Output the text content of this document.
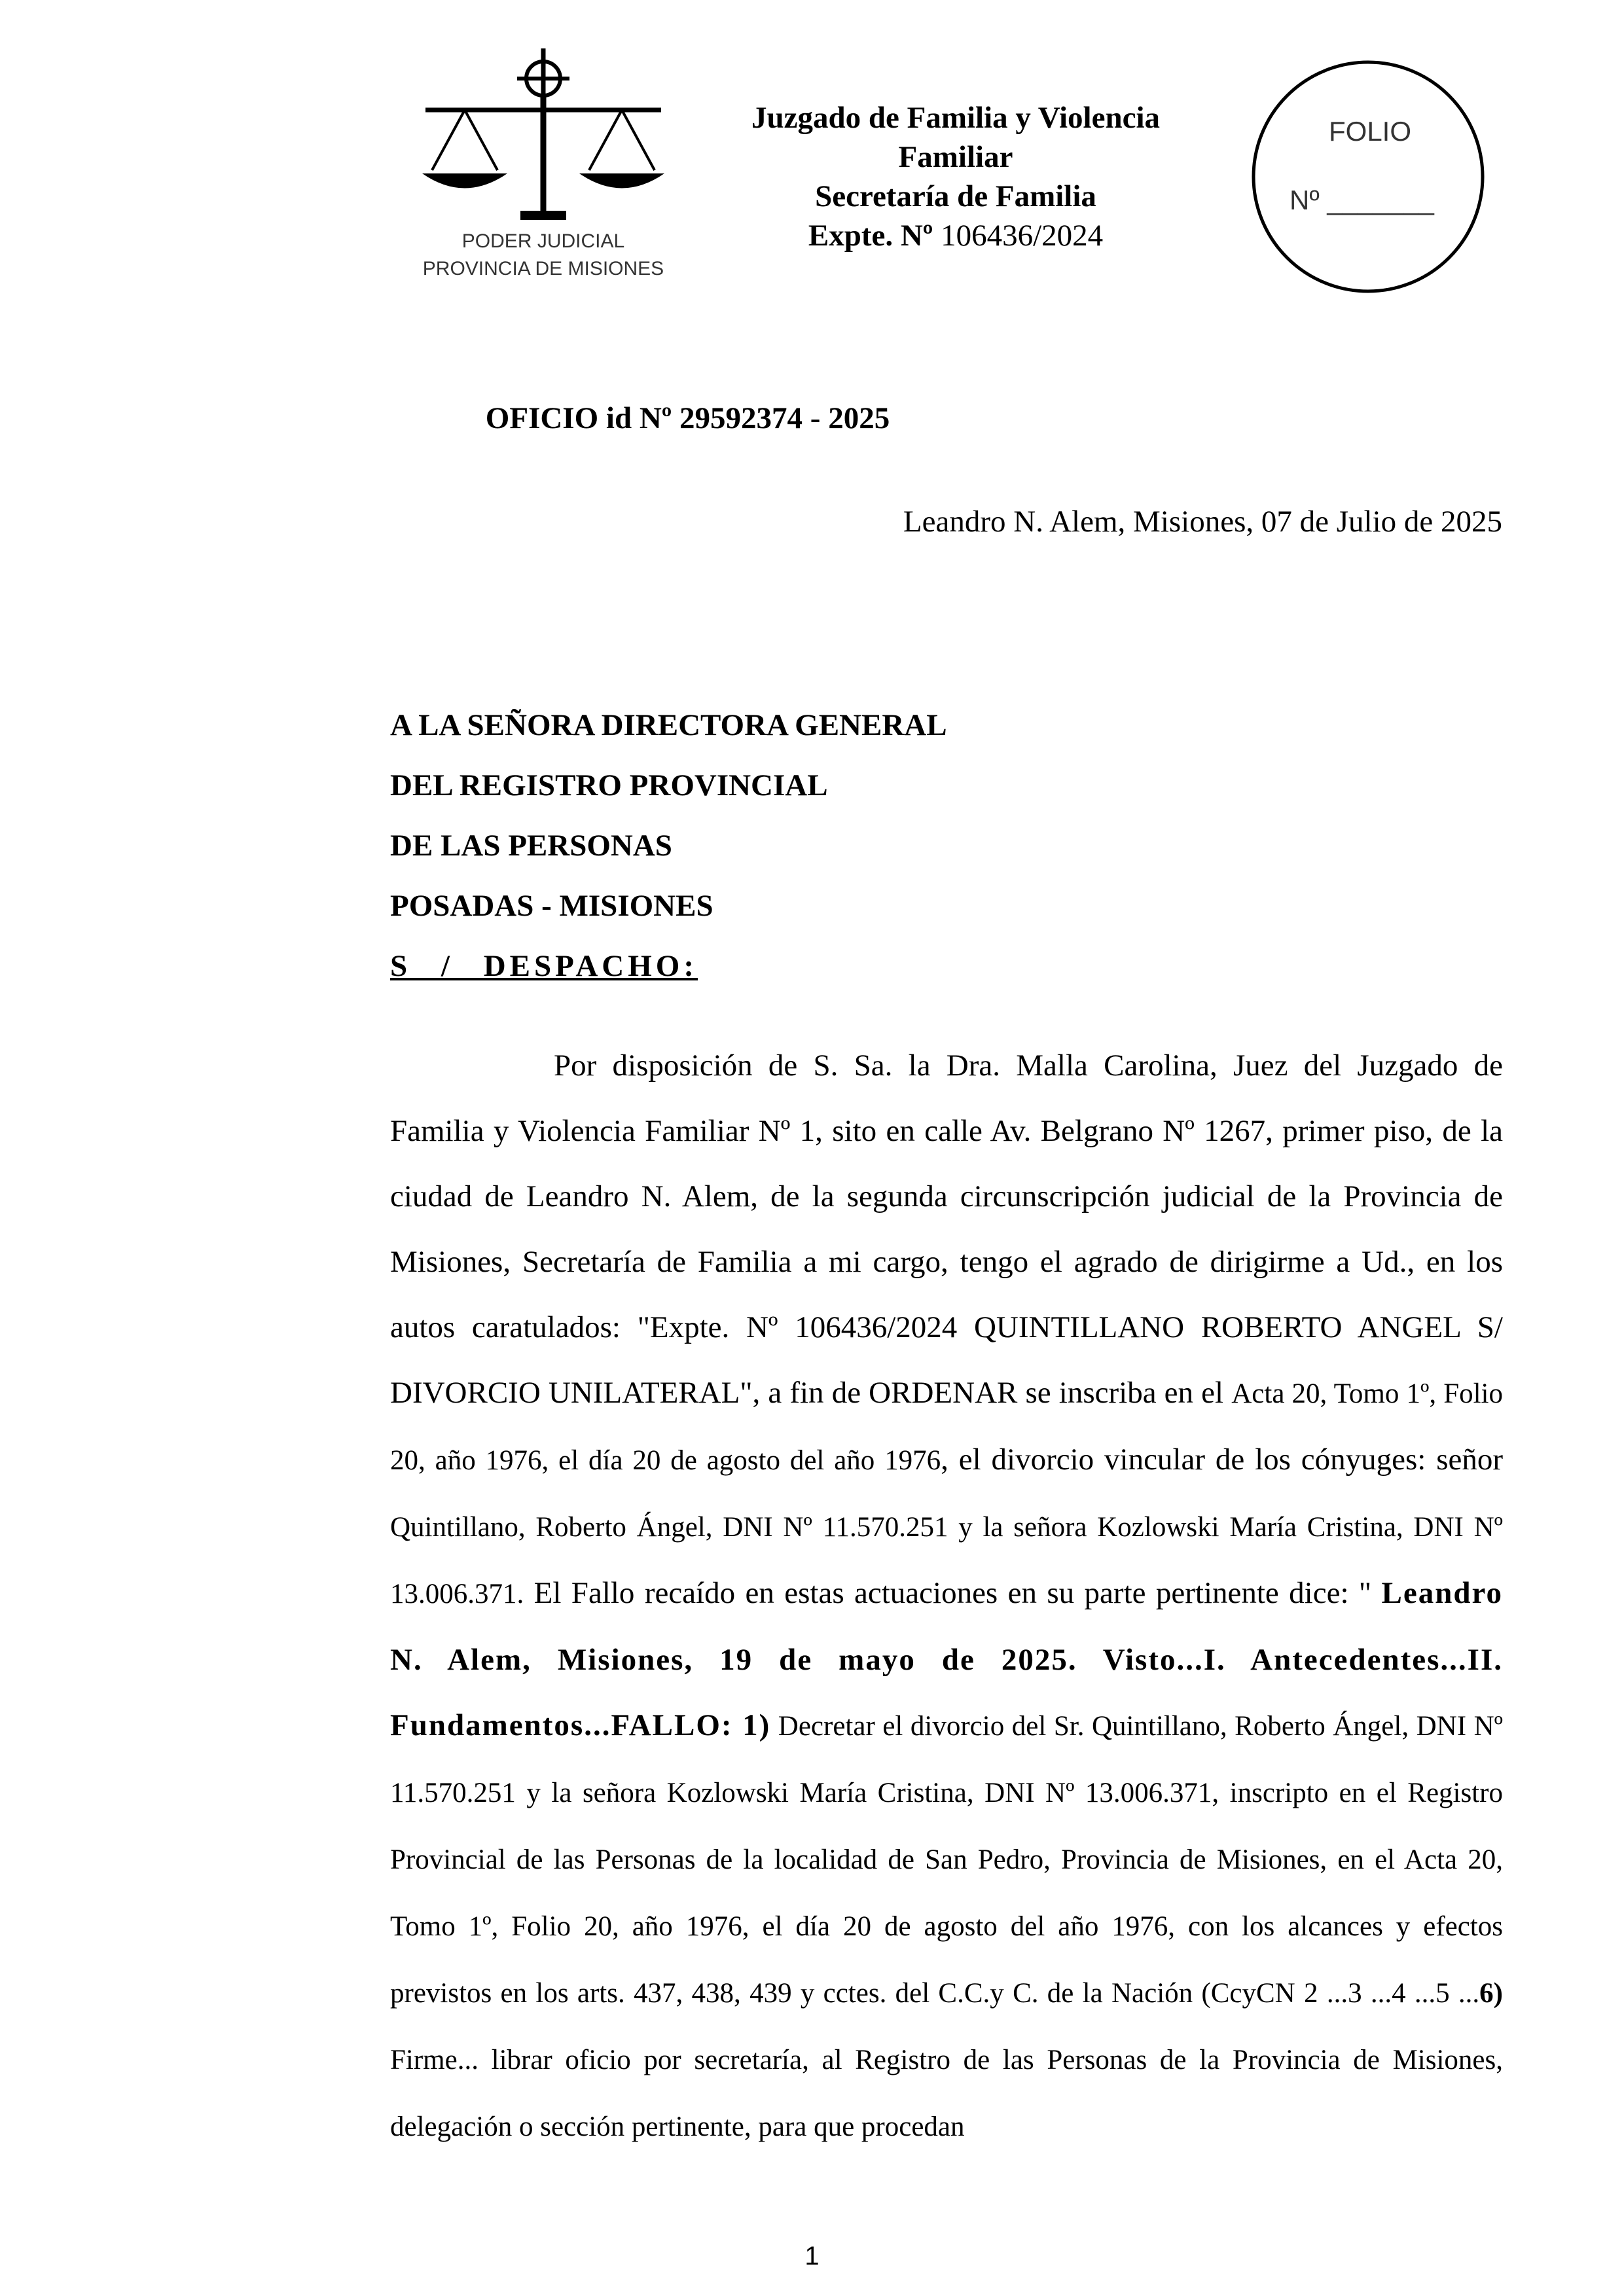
PODER JUDICIAL
PROVINCIA DE MISIONES
Juzgado de Familia y Violencia
Familiar
Secretaría de Familia
Expte. Nº 106436/2024
FOLIO
Nº _______
OFICIO id Nº 29592374 - 2025
Leandro N. Alem, Misiones, 07 de Julio de 2025
A LA SEÑORA DIRECTORA GENERAL
DEL REGISTRO PROVINCIAL
DE LAS PERSONAS
POSADAS - MISIONES
S / DESPACHO:
Por disposición de S. Sa. la Dra. Malla Carolina, Juez del Juzgado de Familia y Violencia Familiar Nº 1, sito en calle Av. Belgrano Nº 1267, primer piso, de la ciudad de Leandro N. Alem, de la segunda circunscripción judicial de la Provincia de Misiones, Secretaría de Familia a mi cargo, tengo el agrado de dirigirme a Ud., en los autos caratulados: "Expte. Nº 106436/2024 QUINTILLANO ROBERTO ANGEL S/ DIVORCIO UNILATERAL", a fin de ORDENAR se inscriba en el Acta 20, Tomo 1º, Folio 20, año 1976, el día 20 de agosto del año 1976, el divorcio vincular de los cónyuges: señor Quintillano, Roberto Ángel, DNI Nº 11.570.251 y la señora Kozlowski María Cristina, DNI Nº 13.006.371. El Fallo recaído en estas actuaciones en su parte pertinente dice: " Leandro N. Alem, Misiones, 19 de mayo de 2025. Visto...I. Antecedentes...II. Fundamentos...FALLO: 1) Decretar el divorcio del Sr. Quintillano, Roberto Ángel, DNI Nº 11.570.251 y la señora Kozlowski María Cristina, DNI Nº 13.006.371, inscripto en el Registro Provincial de las Personas de la localidad de San Pedro, Provincia de Misiones, en el Acta 20, Tomo 1º, Folio 20, año 1976, el día 20 de agosto del año 1976, con los alcances y efectos previstos en los arts. 437, 438, 439 y cctes. del C.C.y C. de la Nación (CcyCN 2 ...3 ...4 ...5 ...6) Firme... librar oficio por secretaría, al Registro de las Personas de la Provincia de Misiones, delegación o sección pertinente, para que procedan
1
